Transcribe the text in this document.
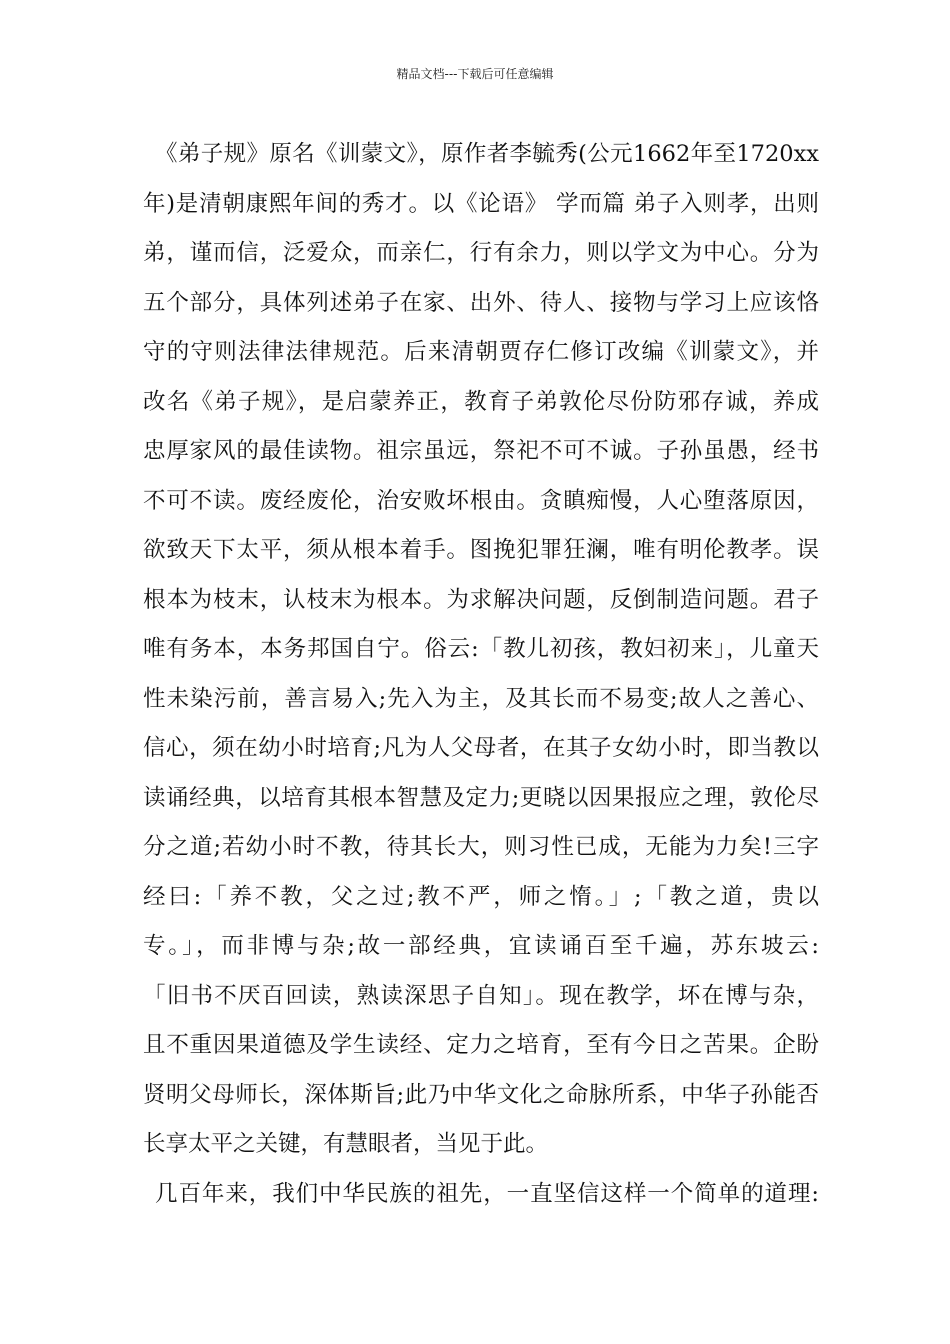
精品文档---下载后可任意编辑
《弟子规》原名《训蒙文》，原作者李毓秀(公元1662年至1720xx
年)是清朝康熙年间的秀才。以《论语》 学而篇 弟子入则孝，出则
弟，谨而信，泛爱众，而亲仁，行有余力，则以学文为中心。分为
五个部分，具体列述弟子在家、出外、待人、接物与学习上应该恪
守的守则法律法律规范。后来清朝贾存仁修订改编《训蒙文》，并
改名《弟子规》，是启蒙养正，教育子弟敦伦尽份防邪存诚，养成
忠厚家风的最佳读物。祖宗虽远，祭祀不可不诚。子孙虽愚，经书
不可不读。废经废伦，治安败坏根由。贪瞋痴慢，人心堕落原因，
欲致天下太平，须从根本着手。图挽犯罪狂澜，唯有明伦教孝。误
根本为枝末，认枝末为根本。为求解决问题，反倒制造问题。君子
唯有务本，本务邦国自宁。俗云:「教儿初孩，教妇初来」，儿童天
性未染污前，善言易入;先入为主，及其长而不易变;故人之善心、
信心，须在幼小时培育;凡为人父母者，在其子女幼小时，即当教以
读诵经典，以培育其根本智慧及定力;更晓以因果报应之理，敦伦尽
分之道;若幼小时不教，待其长大，则习性已成，无能为力矣!三字
经曰:「养不教，父之过;教不严，师之惰。」;「教之道，贵以
专。」，而非博与杂;故一部经典，宜读诵百至千遍，苏东坡云:
「旧书不厌百回读，熟读深思子自知」。现在教学，坏在博与杂，
且不重因果道德及学生读经、定力之培育，至有今日之苦果。企盼
贤明父母师长，深体斯旨;此乃中华文化之命脉所系，中华子孙能否
长享太平之关键，有慧眼者，当见于此。
几百年来，我们中华民族的祖先，一直坚信这样一个简单的道理:
